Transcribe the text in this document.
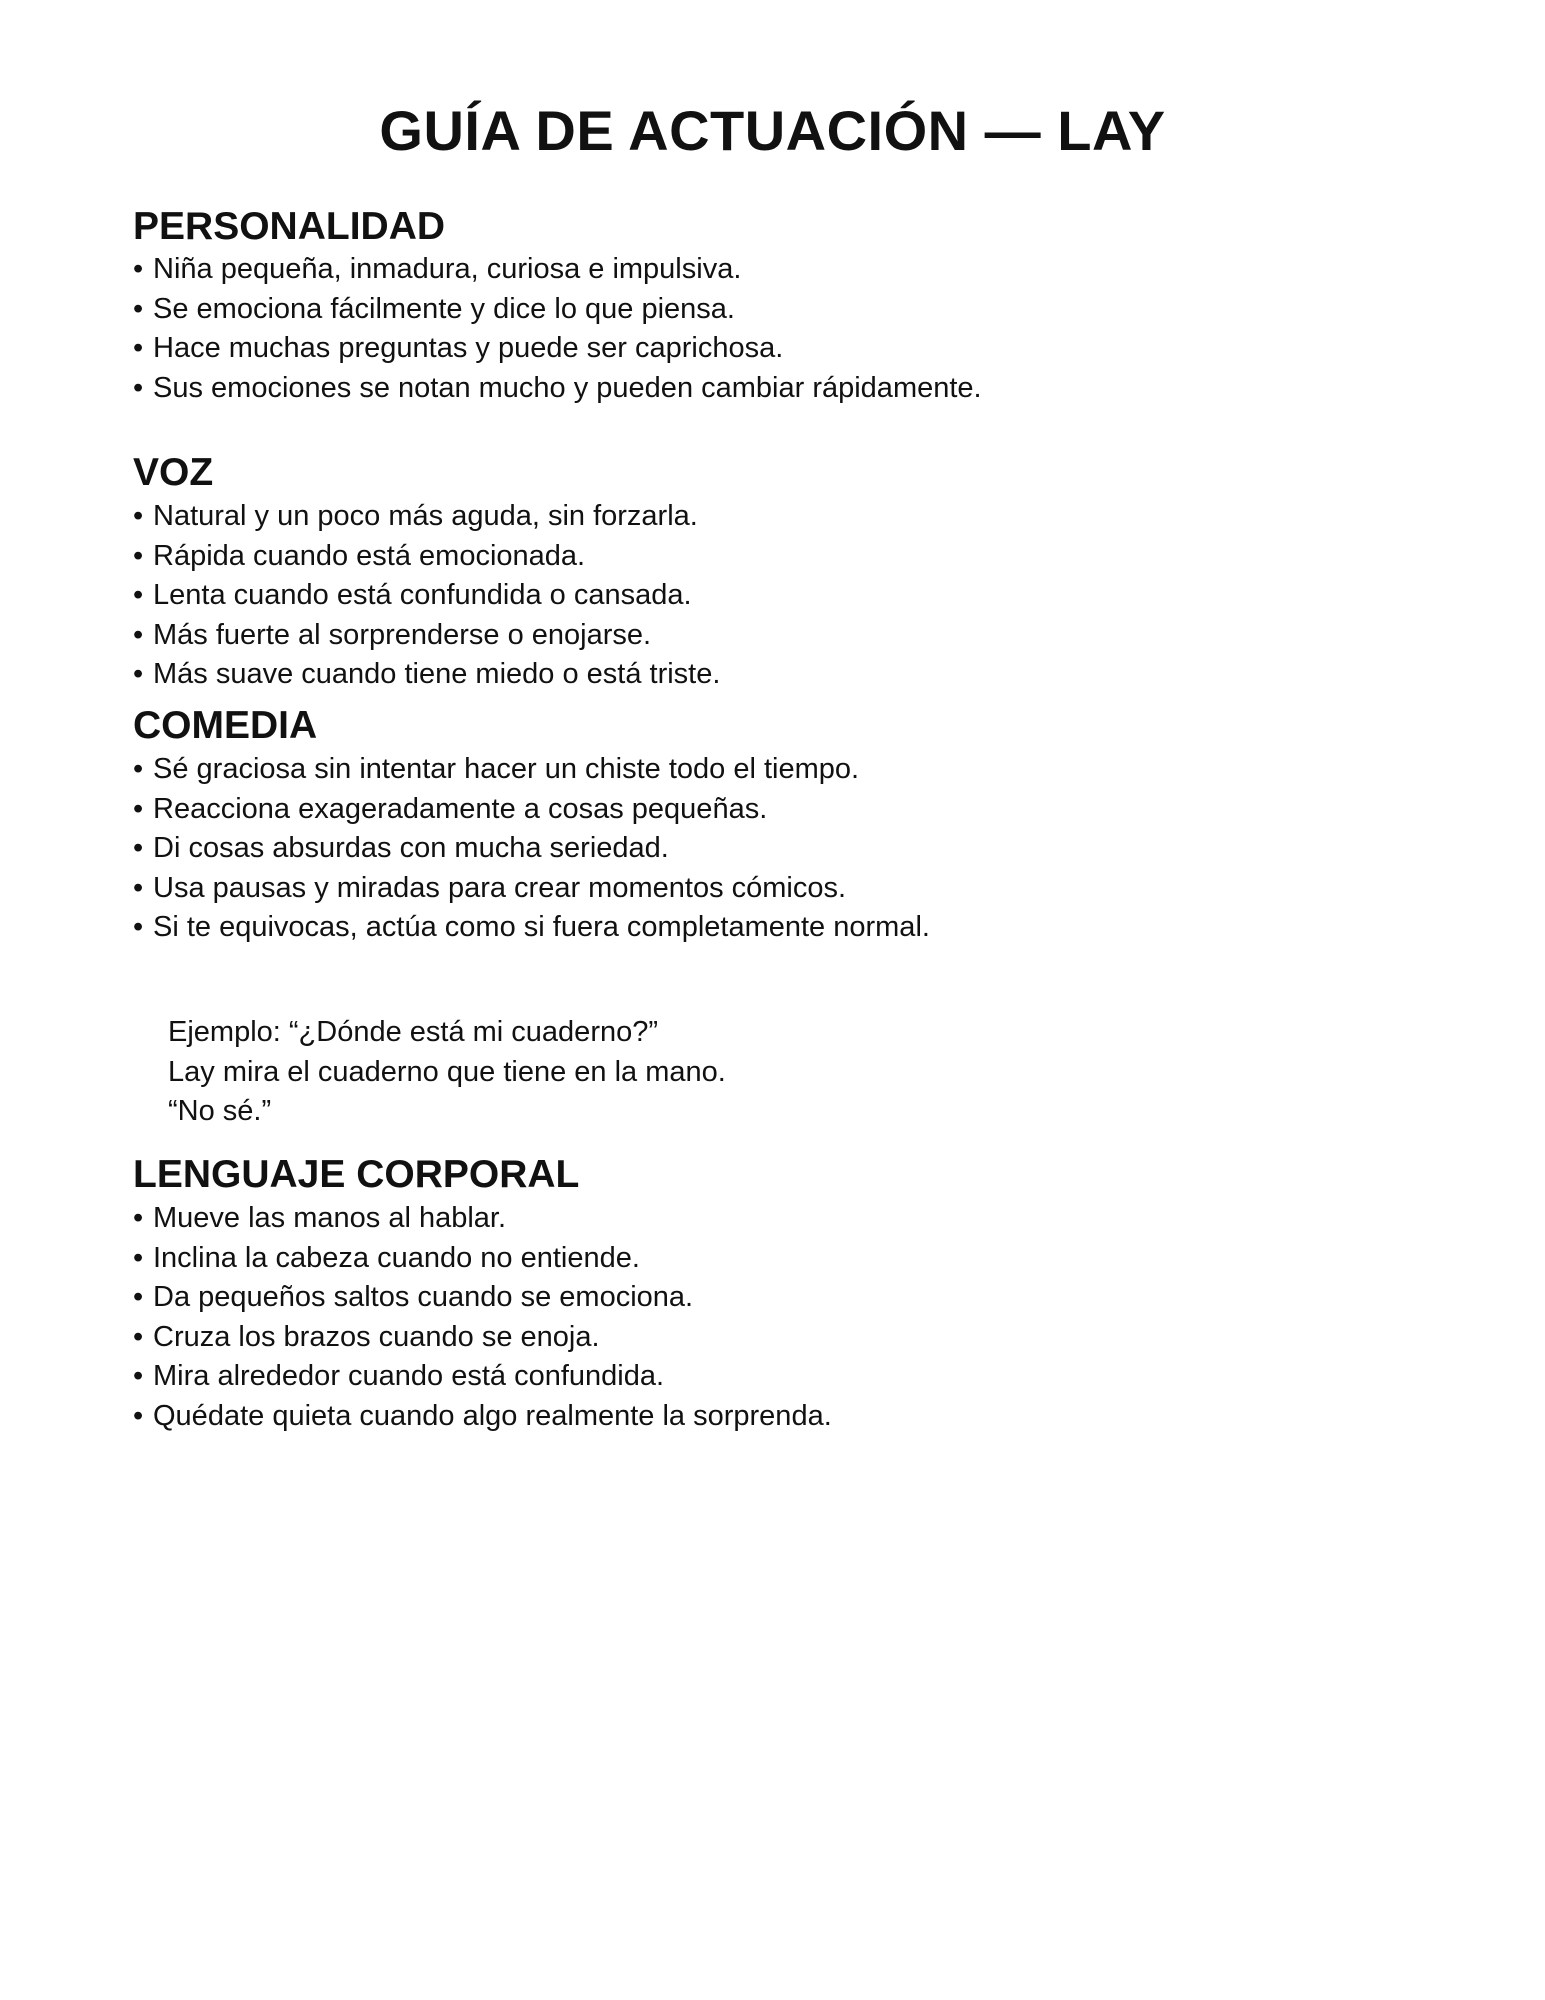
GUÍA DE ACTUACIÓN — LAY
PERSONALIDAD
• Niña pequeña, inmadura, curiosa e impulsiva.
• Se emociona fácilmente y dice lo que piensa.
• Hace muchas preguntas y puede ser caprichosa.
• Sus emociones se notan mucho y pueden cambiar rápidamente.
VOZ
• Natural y un poco más aguda, sin forzarla.
• Rápida cuando está emocionada.
• Lenta cuando está confundida o cansada.
• Más fuerte al sorprenderse o enojarse.
• Más suave cuando tiene miedo o está triste.
COMEDIA
• Sé graciosa sin intentar hacer un chiste todo el tiempo.
• Reacciona exageradamente a cosas pequeñas.
• Di cosas absurdas con mucha seriedad.
• Usa pausas y miradas para crear momentos cómicos.
• Si te equivocas, actúa como si fuera completamente normal.
Ejemplo: “¿Dónde está mi cuaderno?”
Lay mira el cuaderno que tiene en la mano.
“No sé.”
LENGUAJE CORPORAL
• Mueve las manos al hablar.
• Inclina la cabeza cuando no entiende.
• Da pequeños saltos cuando se emociona.
• Cruza los brazos cuando se enoja.
• Mira alrededor cuando está confundida.
• Quédate quieta cuando algo realmente la sorprenda.
